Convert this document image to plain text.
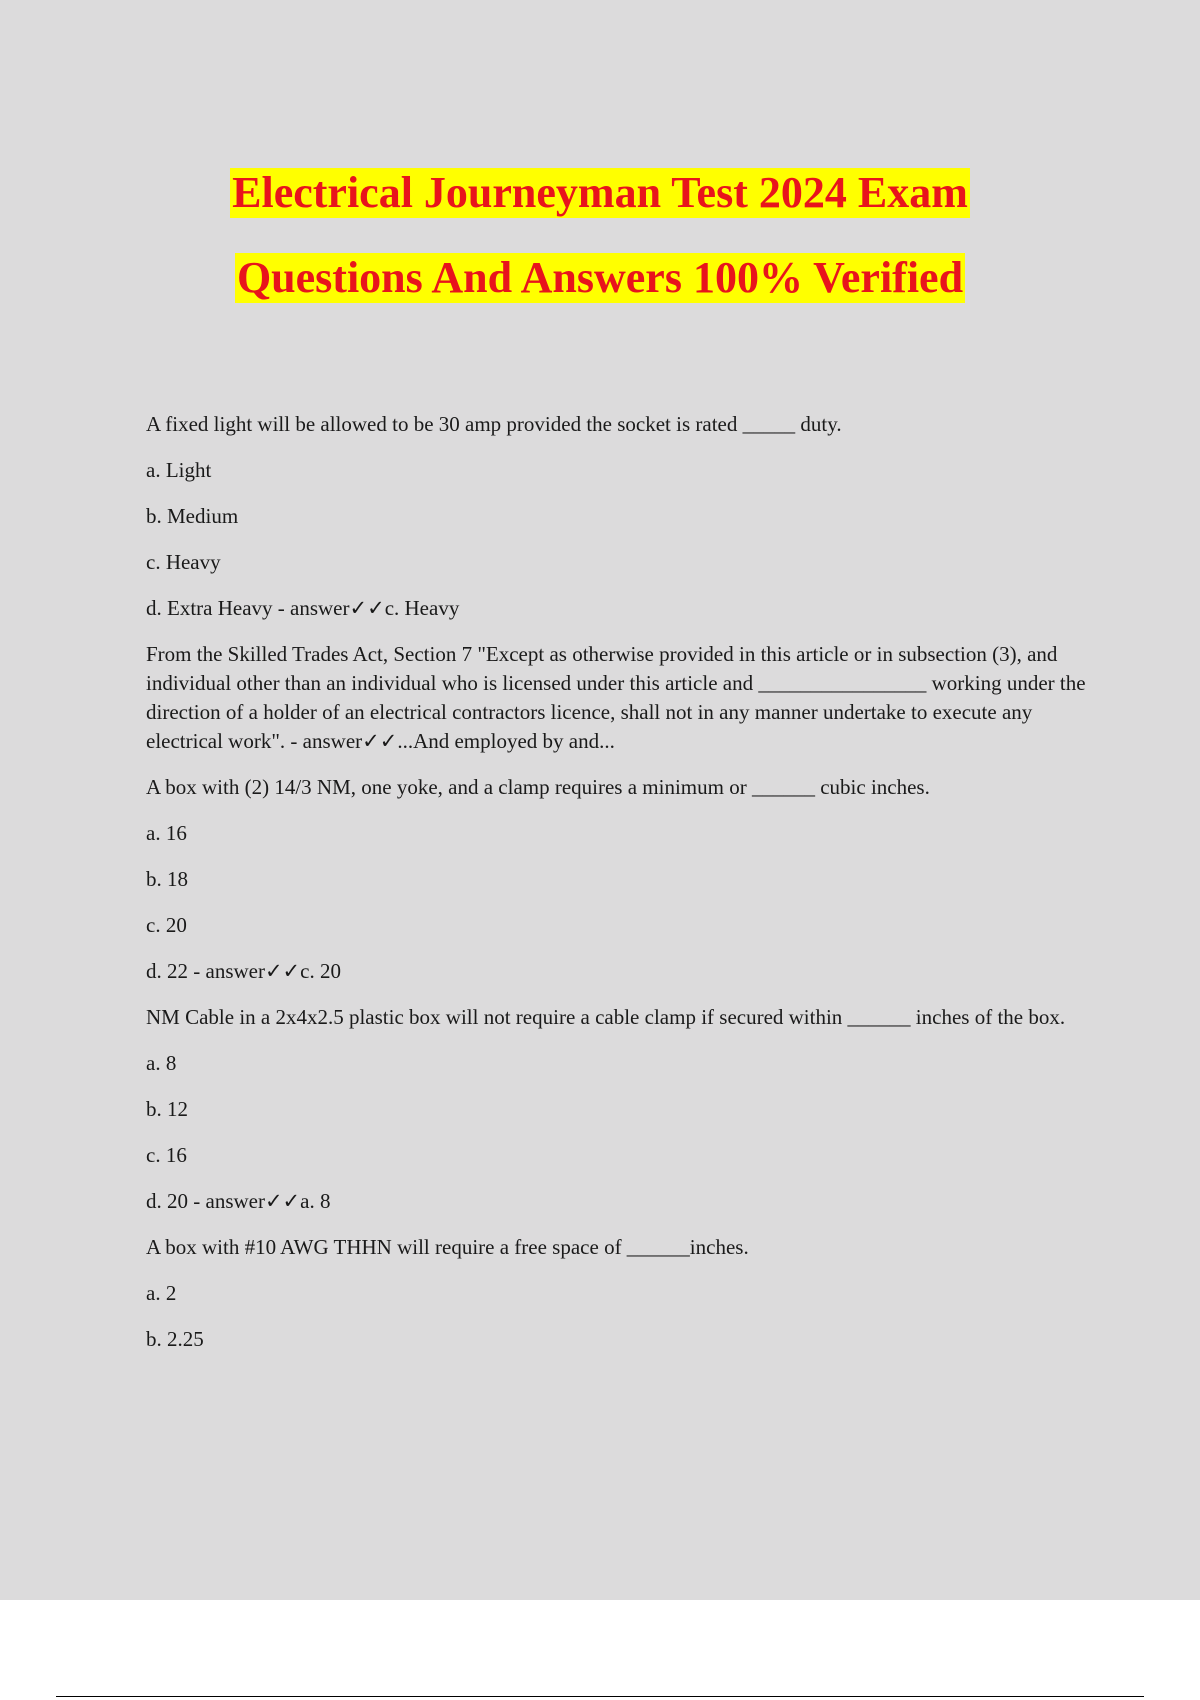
Electrical Journeyman Test 2024 Exam
Questions And Answers 100% Verified

A fixed light will be allowed to be 30 amp provided the socket is rated _____ duty.

a. Light

b. Medium

c. Heavy

d. Extra Heavy - answer✓✓c. Heavy

From the Skilled Trades Act, Section 7 "Except as otherwise provided in this article or in subsection (3), and individual other than an individual who is licensed under this article and ________________ working under the direction of a holder of an electrical contractors licence, shall not in any manner undertake to execute any electrical work". - answer✓✓...And employed by and...

A box with (2) 14/3 NM, one yoke, and a clamp requires a minimum or ______ cubic inches.

a. 16

b. 18

c. 20

d. 22 - answer✓✓c. 20

NM Cable in a 2x4x2.5 plastic box will not require a cable clamp if secured within ______ inches of the box.

a. 8

b. 12

c. 16

d. 20 - answer✓✓a. 8

A box with #10 AWG THHN will require a free space of ______inches.

a. 2

b. 2.25
